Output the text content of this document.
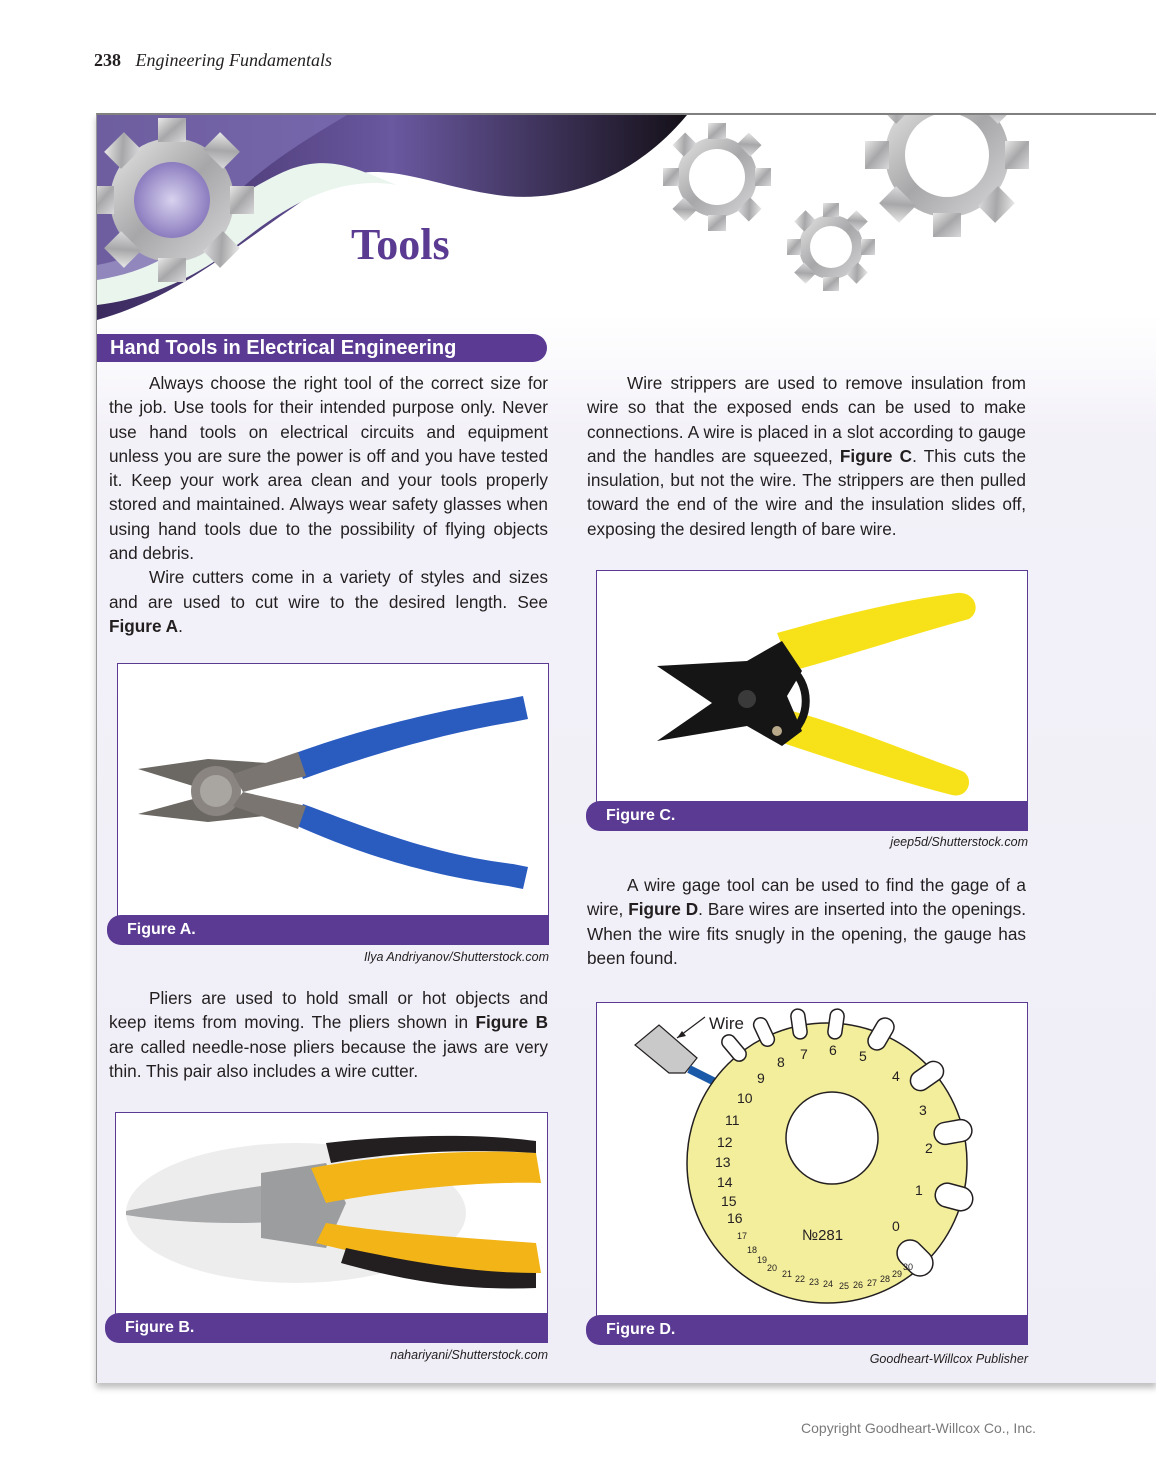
238 Engineering Fundamentals
Tools
Hand Tools in Electrical Engineering

Always choose the right tool of the correct size for the job. Use tools for their intended purpose only. Never use hand tools on electrical circuits and equipment unless you are sure the power is off and you have tested it. Keep your work area clean and your tools properly stored and maintained. Always wear safety glasses when using hand tools due to the possibility of flying objects and debris.

Wire cutters come in a variety of styles and sizes and are used to cut wire to the desired length. See Figure A.

Figure A.
Ilya Andriyanov/Shutterstock.com

Pliers are used to hold small or hot objects and keep items from moving. The pliers shown in Figure B are called needle-nose pliers because the jaws are very thin. This pair also includes a wire cutter.

Figure B.
nahariyani/Shutterstock.com

Wire strippers are used to remove insulation from wire so that the exposed ends can be used to make connections. A wire is placed in a slot according to gauge and the handles are squeezed, Figure C. This cuts the insulation, but not the wire. The strippers are then pulled toward the end of the wire and the insulation slides off, exposing the desired length of bare wire.

Figure C.
jeep5d/Shutterstock.com

A wire gage tool can be used to find the gage of a wire, Figure D. Bare wires are inserted into the openings. When the wire fits snugly in the opening, the gauge has been found.

Wire
№281
0
1
2
3
4
5
6
7
8
9
10
11
12
13
14
15
16
17
18
19
20
21 22 23 24 25 26 27 28 29
30
Figure D.
Goodheart-Willcox Publisher
Copyright Goodheart-Willcox Co., Inc.
